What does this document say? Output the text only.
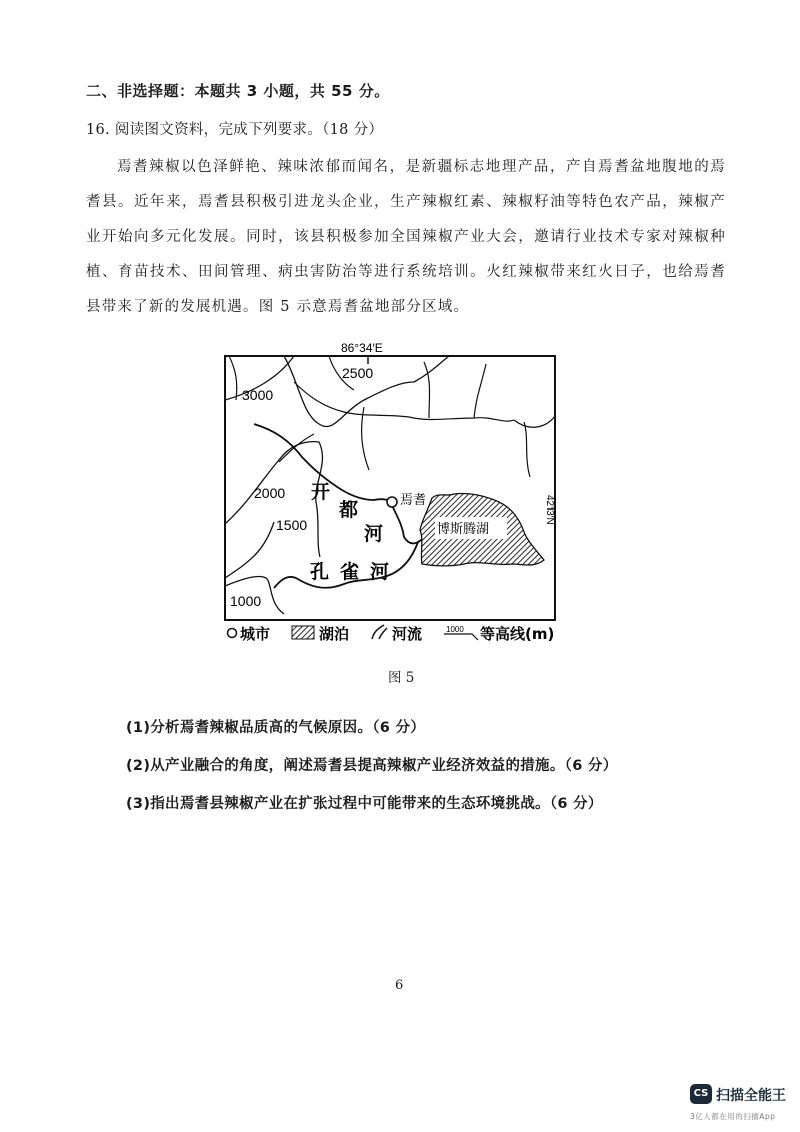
二、非选择题：本题共 3 小题，共 55 分。
16. 阅读图文资料，完成下列要求。（18 分）
焉耆辣椒以色泽鲜艳、辣味浓郁而闻名，是新疆标志地理产品，产自焉耆盆地腹地的焉耆县。近年来，焉耆县积极引进龙头企业，生产辣椒红素、辣椒籽油等特色农产品，辣椒产业开始向多元化发展。同时，该县积极参加全国辣椒产业大会，邀请行业技术专家对辣椒种植、育苗技术、田间管理、病虫害防治等进行系统培训。火红辣椒带来红火日子，也给焉耆县带来了新的发展机遇。图 5 示意焉耆盆地部分区域。
86°34′E
42°3′N
3000
2500
2000
1500
1000
开
都
河
孔 雀 河
焉耆
博斯腾湖
城市	湖泊	河流	1000 等高线(m)
图 5
(1)分析焉耆辣椒品质高的气候原因。（6 分）
(2)从产业融合的角度，阐述焉耆县提高辣椒产业经济效益的措施。（6 分）
(3)指出焉耆县辣椒产业在扩张过程中可能带来的生态环境挑战。（6 分）
6
CS 扫描全能王
3亿人都在用的扫描App
